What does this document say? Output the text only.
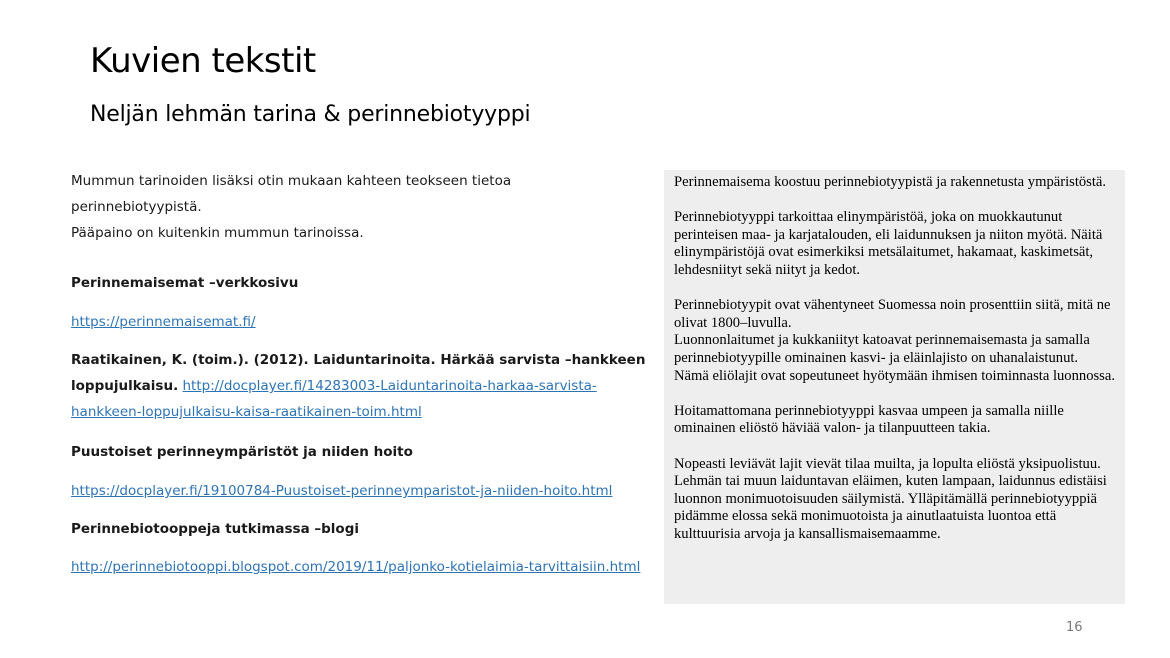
Kuvien tekstit
Neljän lehmän tarina & perinnebiotyyppi

Mummun tarinoiden lisäksi otin mukaan kahteen teokseen tietoa perinnebiotyypistä.
Pääpaino on kuitenkin mummun tarinoissa.

Perinnemaisemat –verkkosivu
https://perinnemaisemat.fi/
Raatikainen, K. (toim.). (2012). Laiduntarinoita. Härkää sarvista –hankkeen
loppujulkaisu. http://docplayer.fi/14283003-Laiduntarinoita-harkaa-sarvista-
hankkeen-loppujulkaisu-kaisa-raatikainen-toim.html
Puustoiset perinneympäristöt ja niiden hoito
https://docplayer.fi/19100784-Puustoiset-perinneymparistot-ja-niiden-hoito.html
Perinnebiotooppeja tutkimassa –blogi
http://perinnebiotooppi.blogspot.com/2019/11/paljonko-kotielaimia-tarvittaisiin.html

Perinnemaisema koostuu perinnebiotyypistä ja rakennetusta ympäristöstä.

Perinnebiotyyppi tarkoittaa elinympäristöä, joka on muokkautunut perinteisen maa- ja karjatalouden, eli laidunnuksen ja niiton myötä. Näitä elinympäristöjä ovat esimerkiksi metsälaitumet, hakamaat, kaskimetsät, lehdesniityt sekä niityt ja kedot.

Perinnebiotyypit ovat vähentyneet Suomessa noin prosenttiin siitä, mitä ne olivat 1800–luvulla.
Luonnonlaitumet ja kukkaniityt katoavat perinnemaisemasta ja samalla perinnebiotyypille ominainen kasvi- ja eläinlajisto on uhanalaistunut. Nämä eliölajit ovat sopeutuneet hyötymään ihmisen toiminnasta luonnossa.

Hoitamattomana perinnebiotyyppi kasvaa umpeen ja samalla niille ominainen eliöstö häviää valon- ja tilanpuutteen takia.

Nopeasti leviävät lajit vievät tilaa muilta, ja lopulta eliöstä yksipuolistuu. Lehmän tai muun laiduntavan eläimen, kuten lampaan, laidunnus edistäisi luonnon monimuotoisuuden säilymistä. Ylläpitämällä perinnebiotyyppiä pidämme elossa sekä monimuotoista ja ainutlaatuista luontoa että kulttuurisia arvoja ja kansallismaisemaamme.

16
